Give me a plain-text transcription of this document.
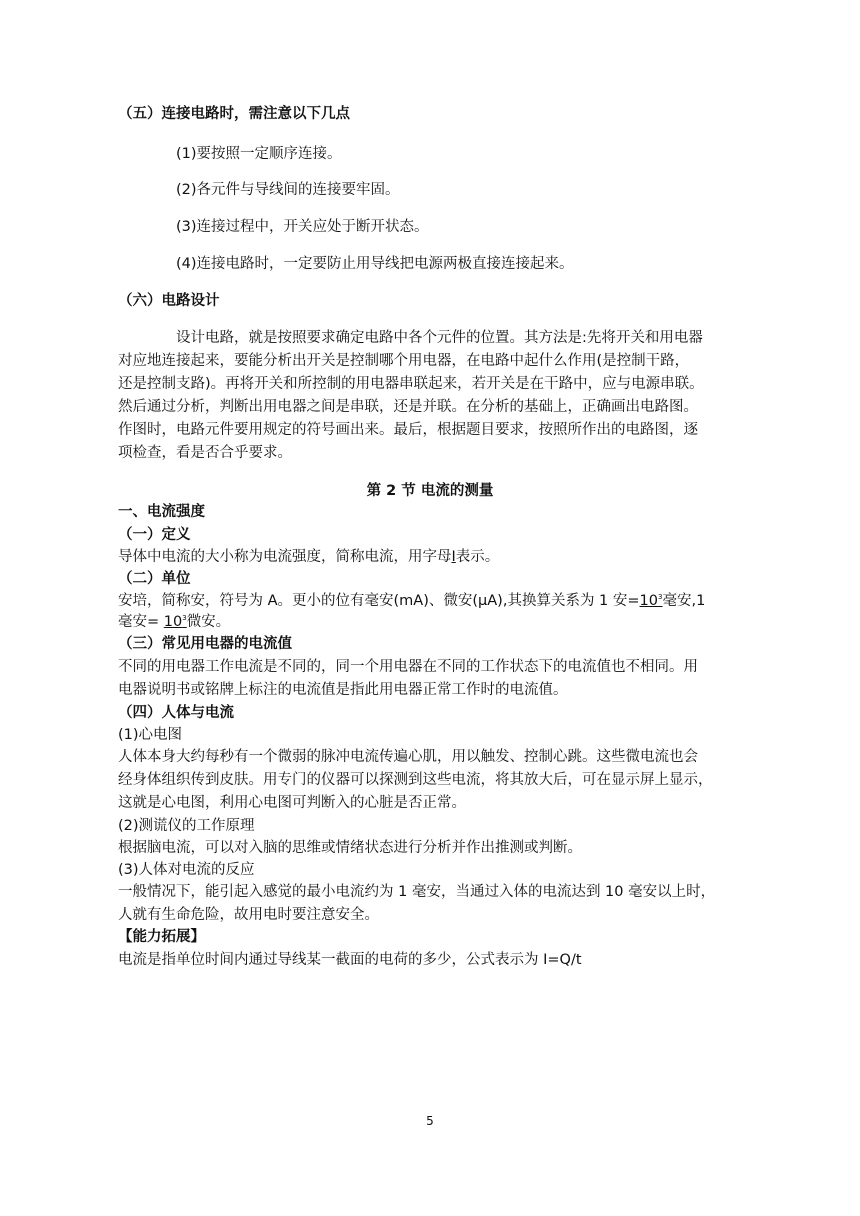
（五）连接电路时，需注意以下几点
(1)要按照一定顺序连接。
(2)各元件与导线间的连接要牢固。
(3)连接过程中，开关应处于断开状态。
(4)连接电路时，一定要防止用导线把电源两极直接连接起来。
（六）电路设计
设计电路，就是按照要求确定电路中各个元件的位置。其方法是:先将开关和用电器
对应地连接起来，要能分析出开关是控制哪个用电器，在电路中起什么作用(是控制干路，
还是控制支路)。再将开关和所控制的用电器串联起来，若开关是在干路中，应与电源串联。
然后通过分析，判断出用电器之间是串联，还是并联。在分析的基础上，正确画出电路图。
作图时，电路元件要用规定的符号画出来。最后，根据题目要求，按照所作出的电路图，逐
项检查，看是否合乎要求。
第 2 节 电流的测量
一、电流强度
（一）定义
导体中电流的大小称为电流强度，简称电流，用字母I表示。
（二）单位
安培，简称安，符号为 A。更小的位有毫安(mA)、微安(μA),其换算关系为 1 安$=10^3$毫安,1
毫安= $10^3$微安。
（三）常见用电器的电流值
不同的用电器工作电流是不同的，同一个用电器在不同的工作状态下的电流值也不相同。用
电器说明书或铭牌上标注的电流值是指此用电器正常工作时的电流值。
（四）人体与电流
(1)心电图
人体本身大约每秒有一个微弱的脉冲电流传遍心肌，用以触发、控制心跳。这些微电流也会
经身体组织传到皮肤。用专门的仪器可以探测到这些电流，将其放大后，可在显示屏上显示，
这就是心电图，利用心电图可判断入的心脏是否正常。
(2)测谎仪的工作原理
根据脑电流，可以对入脑的思维或情绪状态进行分析并作出推测或判断。
(3)人体对电流的反应
一般情况下，能引起入感觉的最小电流约为 1 毫安，当通过入体的电流达到 10 毫安以上时，
人就有生命危险，故用电时要注意安全。
【能力拓展】
电流是指单位时间内通过导线某一截面的电荷的多少，公式表示为 I=Q/t
5
